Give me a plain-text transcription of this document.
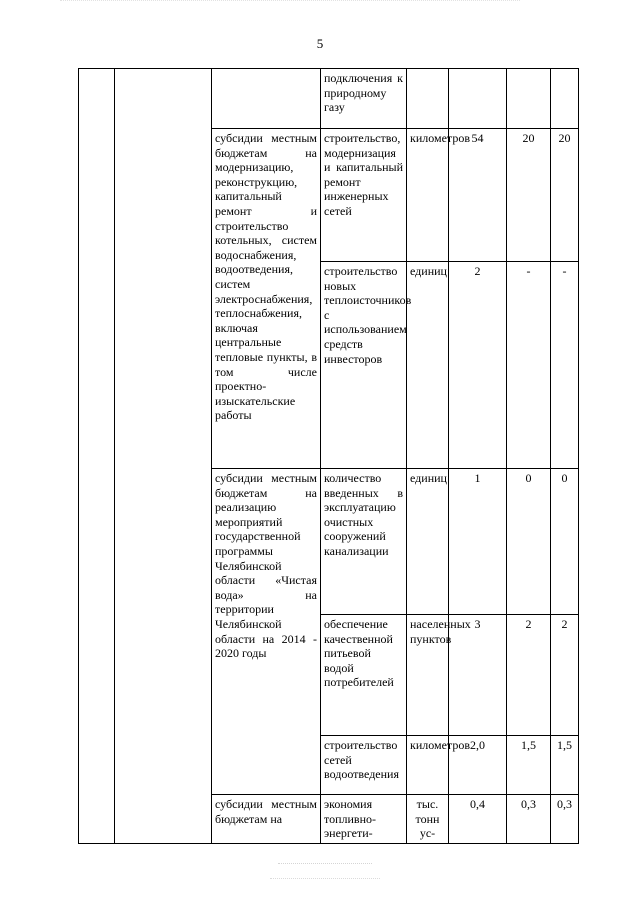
5
			подключения к природному газу				
		субсидии местным бюджетам на модернизацию, реконструкцию, капитальный ремонт и строительство котельных, систем водоснабжения, водоотведения, систем электроснабжения, теплоснабжения, включая центральные тепловые пункты, в том числе проектно-изыскательские работы	строительство, модернизация и капитальный ремонт инженерных сетей	километров	54	20	20
			строительство новых теплоисточников с использованием средств инвесторов	единиц	2	-	-
		субсидии местным бюджетам на реализацию мероприятий государственной программы Челябинской области «Чистая вода» на территории Челябинской области на 2014 - 2020 годы	количество введенных в эксплуатацию очистных сооружений канализации	единиц	1	0	0
			обеспечение качественной питьевой водой потребителей	населенных пунктов	3	2	2
			строительство сетей водоотведения	километров	2,0	1,5	1,5
		субсидии местным бюджетам на	экономия топливно-энергети-	тыс. тонн ус-	0,4	0,3	0,3
